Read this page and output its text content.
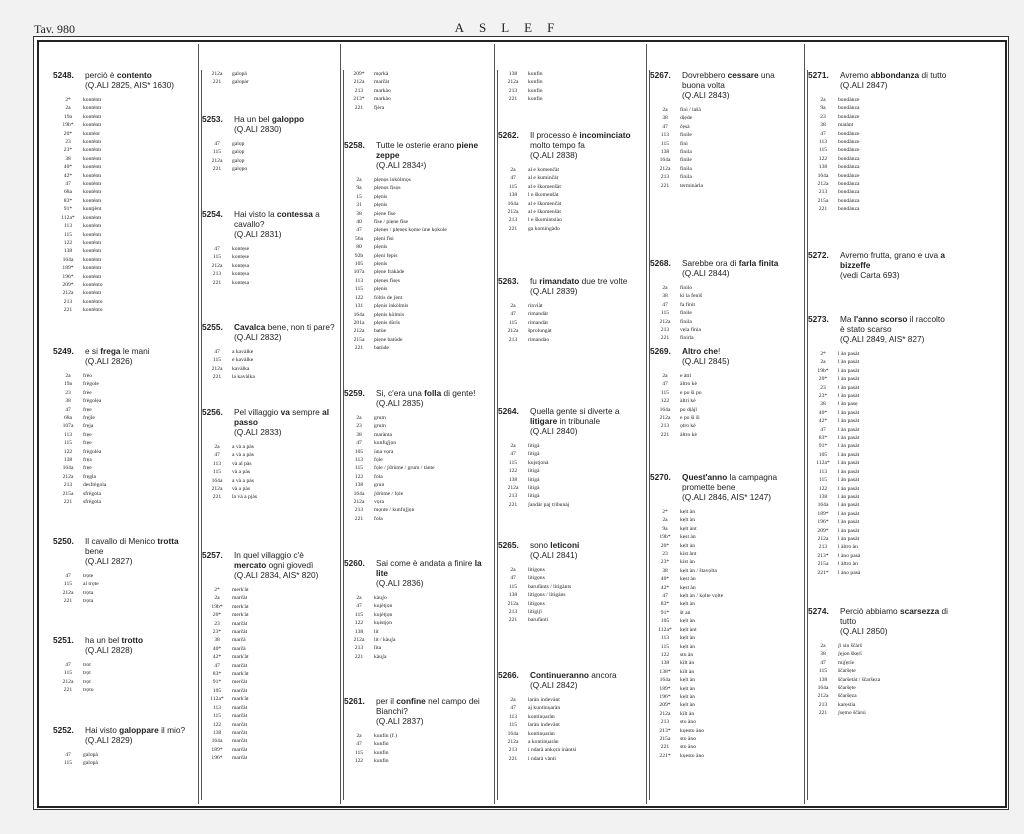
Tav. 980	ASLEF
5248.	perciò è contento
(Q.ALI 2825, AIS* 1630)
2*	konténtı
2a	konténtı
19a	konténtı
19b*	konténtı
20*	kuntènt
23	konténtı
23*	konténtı
38	konténtı
40*	konténtı
42*	konténtı
47	konténtı
68a	konténtı
83*	konténtı
91*	kuntjènt
112a*	konténtı
113	konténtı
115	konténtı
122	konténtı
138	konténtı
164a	konténtı
189*	konténtı
196*	konténtı
209*	konténto
212a	konténtı
213	konténto
221	konténto
5249.	e si frega le mani
(Q.ALI 2826)
2a	frèo
19a	frègole
23	frèe
38	frègolẹa
47	frẹe
68a	frẹjle
107a	frẹja
113	frẹe
115	frẹe
122	frègolèa
138	frẹa
164a	frẹe
212a	frẹgla
213	desfrègola
215a	sfrègola
221	sfrègola
5250.	Il cavallo di Menico trotta bene
(Q.ALI 2827)
47	trọte
115	al trọte
212a	trọta
221	trọta
5251.	ha un bel trotto
(Q.ALI 2828)
47	trot
115	trọt
212a	trọt
221	trọto
5252.	Hai visto galoppare il mio?
(Q.ALI 2829)
47	galopà
115	galopà
212a	galopà
221	galopàr
5253.	Ha un bel galoppo
(Q.ALI 2830)
47	galọp
115	galọp
212a	galọp
221	galọpo
5254.	Hai visto la contessa a cavallo?
(Q.ALI 2831)
47	kontẹse
115	kontẹse
212a	kontẹsa
213	kontẹsa
221	kontẹsa
5255.	Cavalca bene, non ti pare?
(Q.ALI 2832)
47	a kavàlke
115	e kavàlke
212a	kavàlka
221	la kavàlka
5256.	Pel villaggio va sempre al passo
(Q.ALI 2833)
2a	a và a pàs
47	a và a pàs
113	và al pàs
115	và a pàs
164a	a và a pàs
212a	và a pàs
221	la và a pjàs
5257.	In quel villaggio c'è mercato ogni giovedì
(Q.ALI 2834, AIS* 820)
2*	merk'àt
2a	marčàt
19b*	merk'àt
20*	merk'àt
23	marčàt
23*	marčàt
38	marčà
40*	marčà
42*	mark'àt
47	marčàt
83*	mark'àt
91*	merčàt
105	marčàt
112a*	mark'àt
113	marčàt
115	marčàt
122	marčàt
138	marčàt
164a	marčàt
189*	marčàt
196*	marčàt
209*	mọrkà
212a	marčàt
213	markào
213*	markào
221	fjèra
5258.	Tutte le osterie erano piene zeppe
(Q.ALI 2834¹)
2a	plẹnọs inkòlmọs
9a	plẹnọs fịsọs
15	plẹnis
31	plẹnis
38	piẹne fïse
40	fïse / piẹne fïse
47	plẹnẹs / plẹnẹs kọme ùne kọkole
56a	plẹni fïsi
80	plẹnis
92b	plẹni fẹpis
105	plẹnis
107a	plẹne frakàde
113	plẹnẹs fïsẹs
115	plẹnis
122	fòltis de ʃent
131	plẹnis inkòlmis
164a	plẹnis kòlmis
201a	plẹnis dùrïs
212a	batùe
215a	piẹne batùde
221	batùde
5259.	Si, c'era una folla di gente!
(Q.ALI 2835)
2a	grum
23	grum
38	marànta
47	kunfu̯ʃjọn
105	ùna vọra
113	fọle
115	fọle / ʃdrùme / grum / tànte
122	fola
138	grun
164a	ʃdrùme / fọle
212a	vọra
213	mọnte / kunfu̯ʃjọn
221	fola
5260.	Sai come è andata a finire la lite
(Q.ALI 2836)
2a	kàu̯ʃo
47	kujètjọn
115	kujètjọn
122	kụistjọn
138	lit
212a	lit / kàu̯ʃa
213	lïta
221	kàu̯ʃa
5261.	per il confine nel campo dei Bianchi?
(Q.ALI 2837)
2a	kunfin (f.)
47	kunfin
115	kunfin
122	kunfin
138	kunfin
212a	kunfin
213	kunfin
221	konfin
5262.	Il processo è incominciato molto tempo fa
(Q.ALI 2838)
2a	al e komenčàt
47	al e kuminčàt
115	al e škomenšàt
138	l e škomenšàt
164a	al e škomenčàt
212a	al e škomenšàt
213	l e škumintsiào
221	ga komingàdo
5263.	fu rimandato due tre volte
(Q.ALI 2839)
2a	rinviàt
47	rimandàt
115	rimandàt
212a	šprolungàt
213	rimandào
5264.	Quella gente si diverte a litigare in tribunale
(Q.ALI 2840)
2a	litigà
47	litigà
115	kujstjonà
122	litigà
138	litigà
212a	litigà
213	litigà
221	ʃandàr paj tribunàj
5265.	sono leticoni
(Q.ALI 2841)
2a	litigọns
47	litigọns
115	barufànts / litigànts
138	litigọns / litigàns
212a	litigọns
213	litigiʃi
221	barufànti
5266.	Continueranno ancora
(Q.ALI 2842)
2a	laràn indevànt
47	aj kuntinụaràn
113	kontinụaràn
115	laràn indevànt
164a	kontinụaràn
212a	a kontinụaràn
213	i ndarà ankọra inàntsi
221	i ndarà vànti
5267.	Dovrebbero cessare una buona volta
(Q.ALI 2843)
2a	finì / lašà
38	dịẹde
47	čẹsà
113	fìnile
115	finì
138	fìnila
164a	fìnile
212a	fìnila
213	fìnila
221	terminàrla
5268.	Sarebbe ora di farla finita
(Q.ALI 2844)
2a	fìnilo
38	ki la fenìš
47	fa finìt
115	fìnile
212a	fìnila
213	vẹla fìnia
221	fìnirla
5269.	Altro che!
(Q.ALI 2845)
2a	e àtri
47	àltro kè
115	e po ši po
122	àltri kè
164a	po dịàjl
212a	e po ši ši
213	ọtro kè
221	àltro kè
5270.	Quest'anno la campagna promette bene
(Q.ALI 2846, AIS* 1247)
2*	kẹlt àn
2a	kẹlt àn
9a	kẹlt ànt
19b*	kẹst àn
20*	kẹlt àn
23	kïst ànt
23*	kïst àn
38	kẹlt àn / štavọlta
40*	kẹst àn
42*	kẹst àn
47	kẹlt àn / kọlte vọlte
83*	kẹlt àn
91*	št an
105	kẹlt àn
112a*	kẹlt ànt
113	kẹlt àn
115	kẹlt àn
122	stu àn
138	kïlt àn
138*	kïlt àn
164a	kẹlt àn
189*	kẹlt àn
196*	kẹlt àn
209*	kẹlt àn
212a	kïlt àn
213	sto àno
213*	kụesto àno
215a	sto àno
221	sto àno
221*	kụesto àno
5271.	Avremo abbondanza di tutto
(Q.ALI 2847)
2a	bondànze
9a	bondànza
23	bondànze
38	matànt
47	bondànze
113	bondànze
115	bondànze
122	bondànza
138	bondànza
164a	bondànze
212a	bondànza
213	bondànza
215a	bondànza
221	bondànza
5272.	Avremo frutta, grano e uva a bizzeffe
(vedi Carta 693)
5273.	Ma l'anno scorso il raccolto è stato scarso
(Q.ALI 2849, AIS* 827)
2*	l àn pasàt
2a	l àn pasàt
19b*	l àn pasàt
20*	l àn pasàt
23	l àn pasàt
23*	l àn pasàt
38	l àn pasẹ
40*	l àn pasàt
42*	l àn pasàt
47	l àn pasàt
83*	l àn pasàt
91*	l àn pasàt
105	l àn pasàt
112a*	l àn pasàt
113	l àn pasàt
115	l àn pasàt
122	l àn pasàt
138	l àn pasàt
164a	l àn pasàt
189*	l àn pasàt
196*	l àn pasàt
209*	l àn pasàt
212a	l àn pasàt
213	l àltro àn
213*	l àno pasà
215a	l àltro àn
221*	l àno pasà
5274.	Perciò abbiamo scarsezza di tutto
(Q.ALI 2850)
2a	ʃi sin ščàrš
38	ʃẹjon škẹrï
47	mịʃẹrïe
115	ščaršẹte
138	ščaršetàt / ščaršẹza
164a	ščaršẹte
212a	ščaršẹza
213	karẹstia
221	ʃsẹmo ščàrsi
